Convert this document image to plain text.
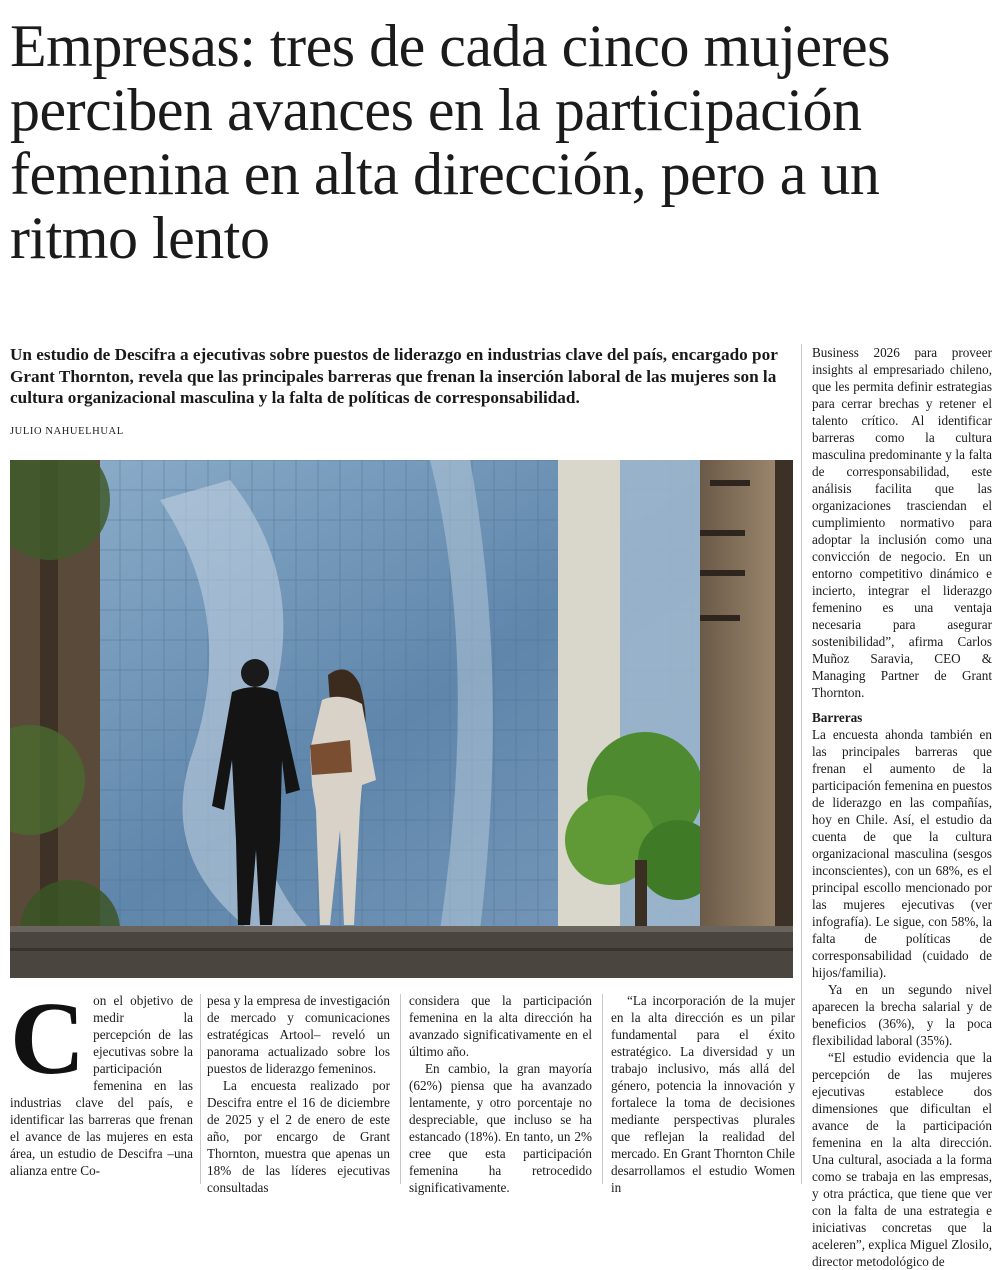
Empresas: tres de cada cinco mujeres perciben avances en la participación femenina en alta dirección, pero a un ritmo lento

Un estudio de Descifra a ejecutivas sobre puestos de liderazgo en industrias clave del país, encargado por Grant Thornton, revela que las principales barreras que frenan la inserción laboral de las mujeres son la cultura organizacional masculina y la falta de políticas de corresponsabilidad.

JULIO NAHUELHUAL

Business 2026 para proveer insights al empresariado chileno, que les permita definir estrategias para cerrar brechas y retener el talento crítico. Al identificar barreras como la cultura masculina predominante y la falta de corresponsabilidad, este análisis facilita que las organizaciones trasciendan el cumplimiento normativo para adoptar la inclusión como una convicción de negocio. En un entorno competitivo dinámico e incierto, integrar el liderazgo femenino es una ventaja necesaria para asegurar sostenibilidad”, afirma Carlos Muñoz Saravia, CEO & Managing Partner de Grant Thornton.

Barreras

La encuesta ahonda también en las principales barreras que frenan el aumento de la participación femenina en puestos de liderazgo en las compañías, hoy en Chile. Así, el estudio da cuenta de que la cultura organizacional masculina (sesgos inconscientes), con un 68%, es el principal escollo mencionado por las mujeres ejecutivas (ver infografía). Le sigue, con 58%, la falta de políticas de corresponsabilidad (cuidado de hijos/familia).

Ya en un segundo nivel aparecen la brecha salarial y de beneficios (36%), y la poca flexibilidad laboral (35%).

“El estudio evidencia que la percepción de las mujeres ejecutivas establece dos dimensiones que dificultan el avance de la participación femenina en la alta dirección. Una cultural, asociada a la forma como se trabaja en las empresas, y otra práctica, que tiene que ver con la falta de una estrategia e iniciativas concretas que la aceleren”, explica Miguel Zlosilo, director metodológico de

C on el objetivo de medir la percepción de las ejecutivas sobre la participación femenina en las industrias clave del país, e identificar las barreras que frenan el avance de las mujeres en esta área, un estudio de Descifra –una alianza entre Co-

pesa y la empresa de investigación de mercado y comunicaciones estratégicas Artool– reveló un panorama actualizado sobre los puestos de liderazgo femeninos.

La encuesta realizado por Descifra entre el 16 de diciembre de 2025 y el 2 de enero de este año, por encargo de Grant Thornton, muestra que apenas un 18% de las líderes ejecutivas consultadas

considera que la participación femenina en la alta dirección ha avanzado significativamente en el último año.

En cambio, la gran mayoría (62%) piensa que ha avanzado lentamente, y otro porcentaje no despreciable, que incluso se ha estancado (18%). En tanto, un 2% cree que esta participación femenina ha retrocedido significativamente.

“La incorporación de la mujer en la alta dirección es un pilar fundamental para el éxito estratégico. La diversidad y un trabajo inclusivo, más allá del género, potencia la innovación y fortalece la toma de decisiones mediante perspectivas plurales que reflejan la realidad del mercado. En Grant Thornton Chile desarrollamos el estudio Women in
